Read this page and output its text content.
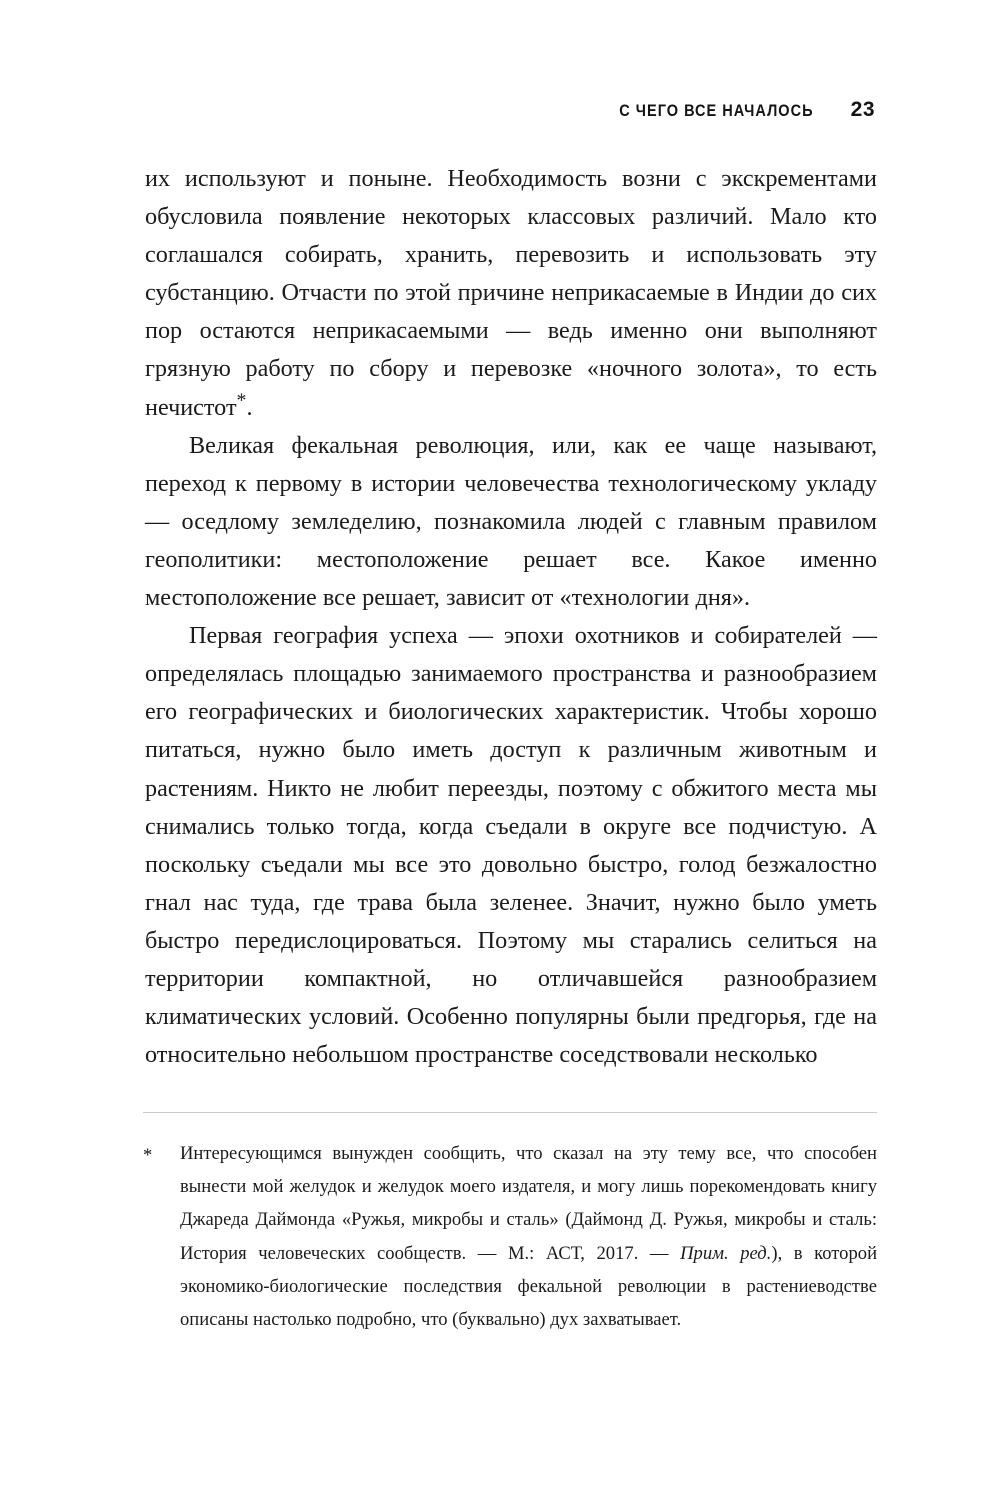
С ЧЕГО ВСЕ НАЧАЛОСЬ 23

их используют и поныне. Необходимость возни с экскрементами обусловила появление некоторых классовых различий. Мало кто соглашался собирать, хранить, перевозить и использовать эту субстанцию. Отчасти по этой причине неприкасаемые в Индии до сих пор остаются неприкасаемыми — ведь именно они выполняют грязную работу по сбору и перевозке «ночного золота», то есть нечистот*.

Великая фекальная революция, или, как ее чаще называют, переход к первому в истории человечества технологическому укладу — оседлому земледелию, познакомила людей с главным правилом геополитики: местоположение решает все. Какое именно местоположение все решает, зависит от «технологии дня».

Первая география успеха — эпохи охотников и собирателей — определялась площадью занимаемого пространства и разнообразием его географических и биологических характеристик. Чтобы хорошо питаться, нужно было иметь доступ к различным животным и растениям. Никто не любит переезды, поэтому с обжитого места мы снимались только тогда, когда съедали в округе все подчистую. А поскольку съедали мы все это довольно быстро, голод безжалостно гнал нас туда, где трава была зеленее. Значит, нужно было уметь быстро передислоцироваться. Поэтому мы старались селиться на территории компактной, но отличавшейся разнообразием климатических условий. Особенно популярны были предгорья, где на относительно небольшом пространстве соседствовали несколько

*	Интересующимся вынужден сообщить, что сказал на эту тему все, что способен вынести мой желудок и желудок моего издателя, и могу лишь порекомендовать книгу Джареда Даймонда «Ружья, микробы и сталь» (Даймонд Д. Ружья, микробы и сталь: История человеческих сообществ. — М.: АСТ, 2017. — Прим. ред.), в которой экономико-биологические последствия фекальной революции в растениеводстве описаны настолько подробно, что (буквально) дух захватывает.
